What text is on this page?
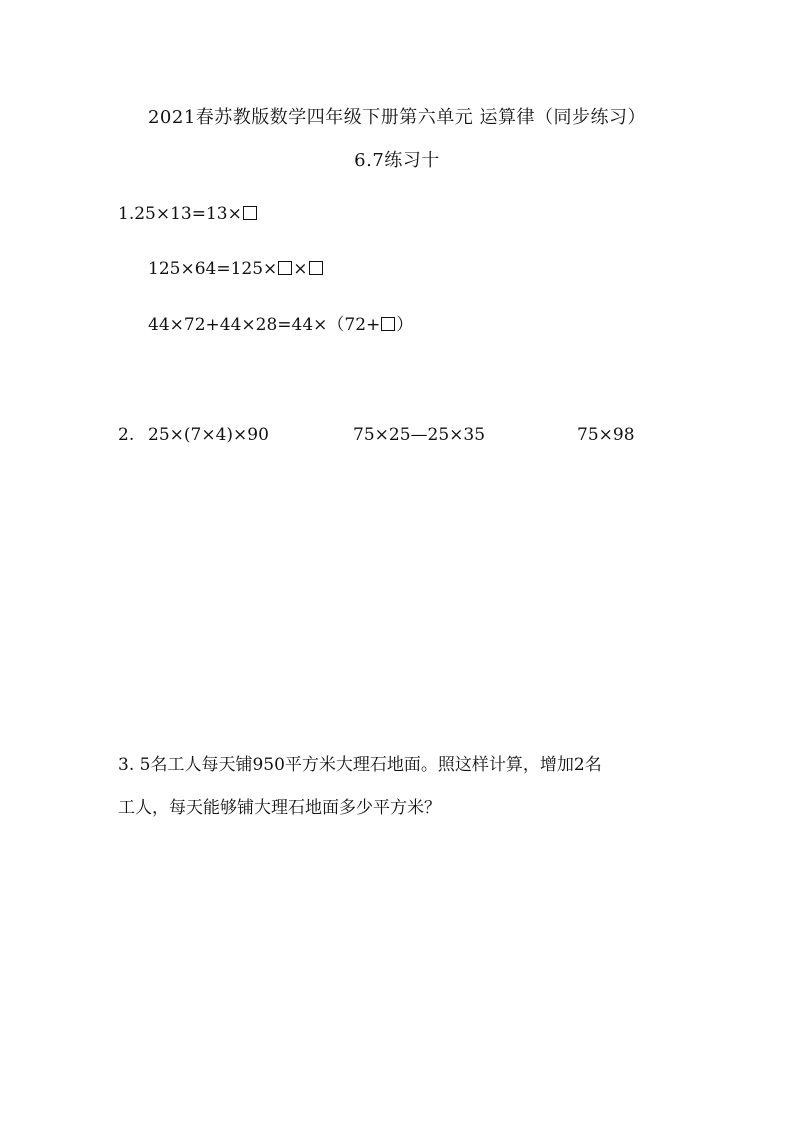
2021春苏教版数学四年级下册第六单元 运算律（同步练习）
6.7练习十
1.25×13=13×
125×64=125× ×
44×72+44×28=44×（72+ ）
2. 25×(7×4)×90	75×25—25×35	75×98
3. 5名工人每天铺950平方米大理石地面。照这样计算，增加2名
工人，每天能够铺大理石地面多少平方米？
